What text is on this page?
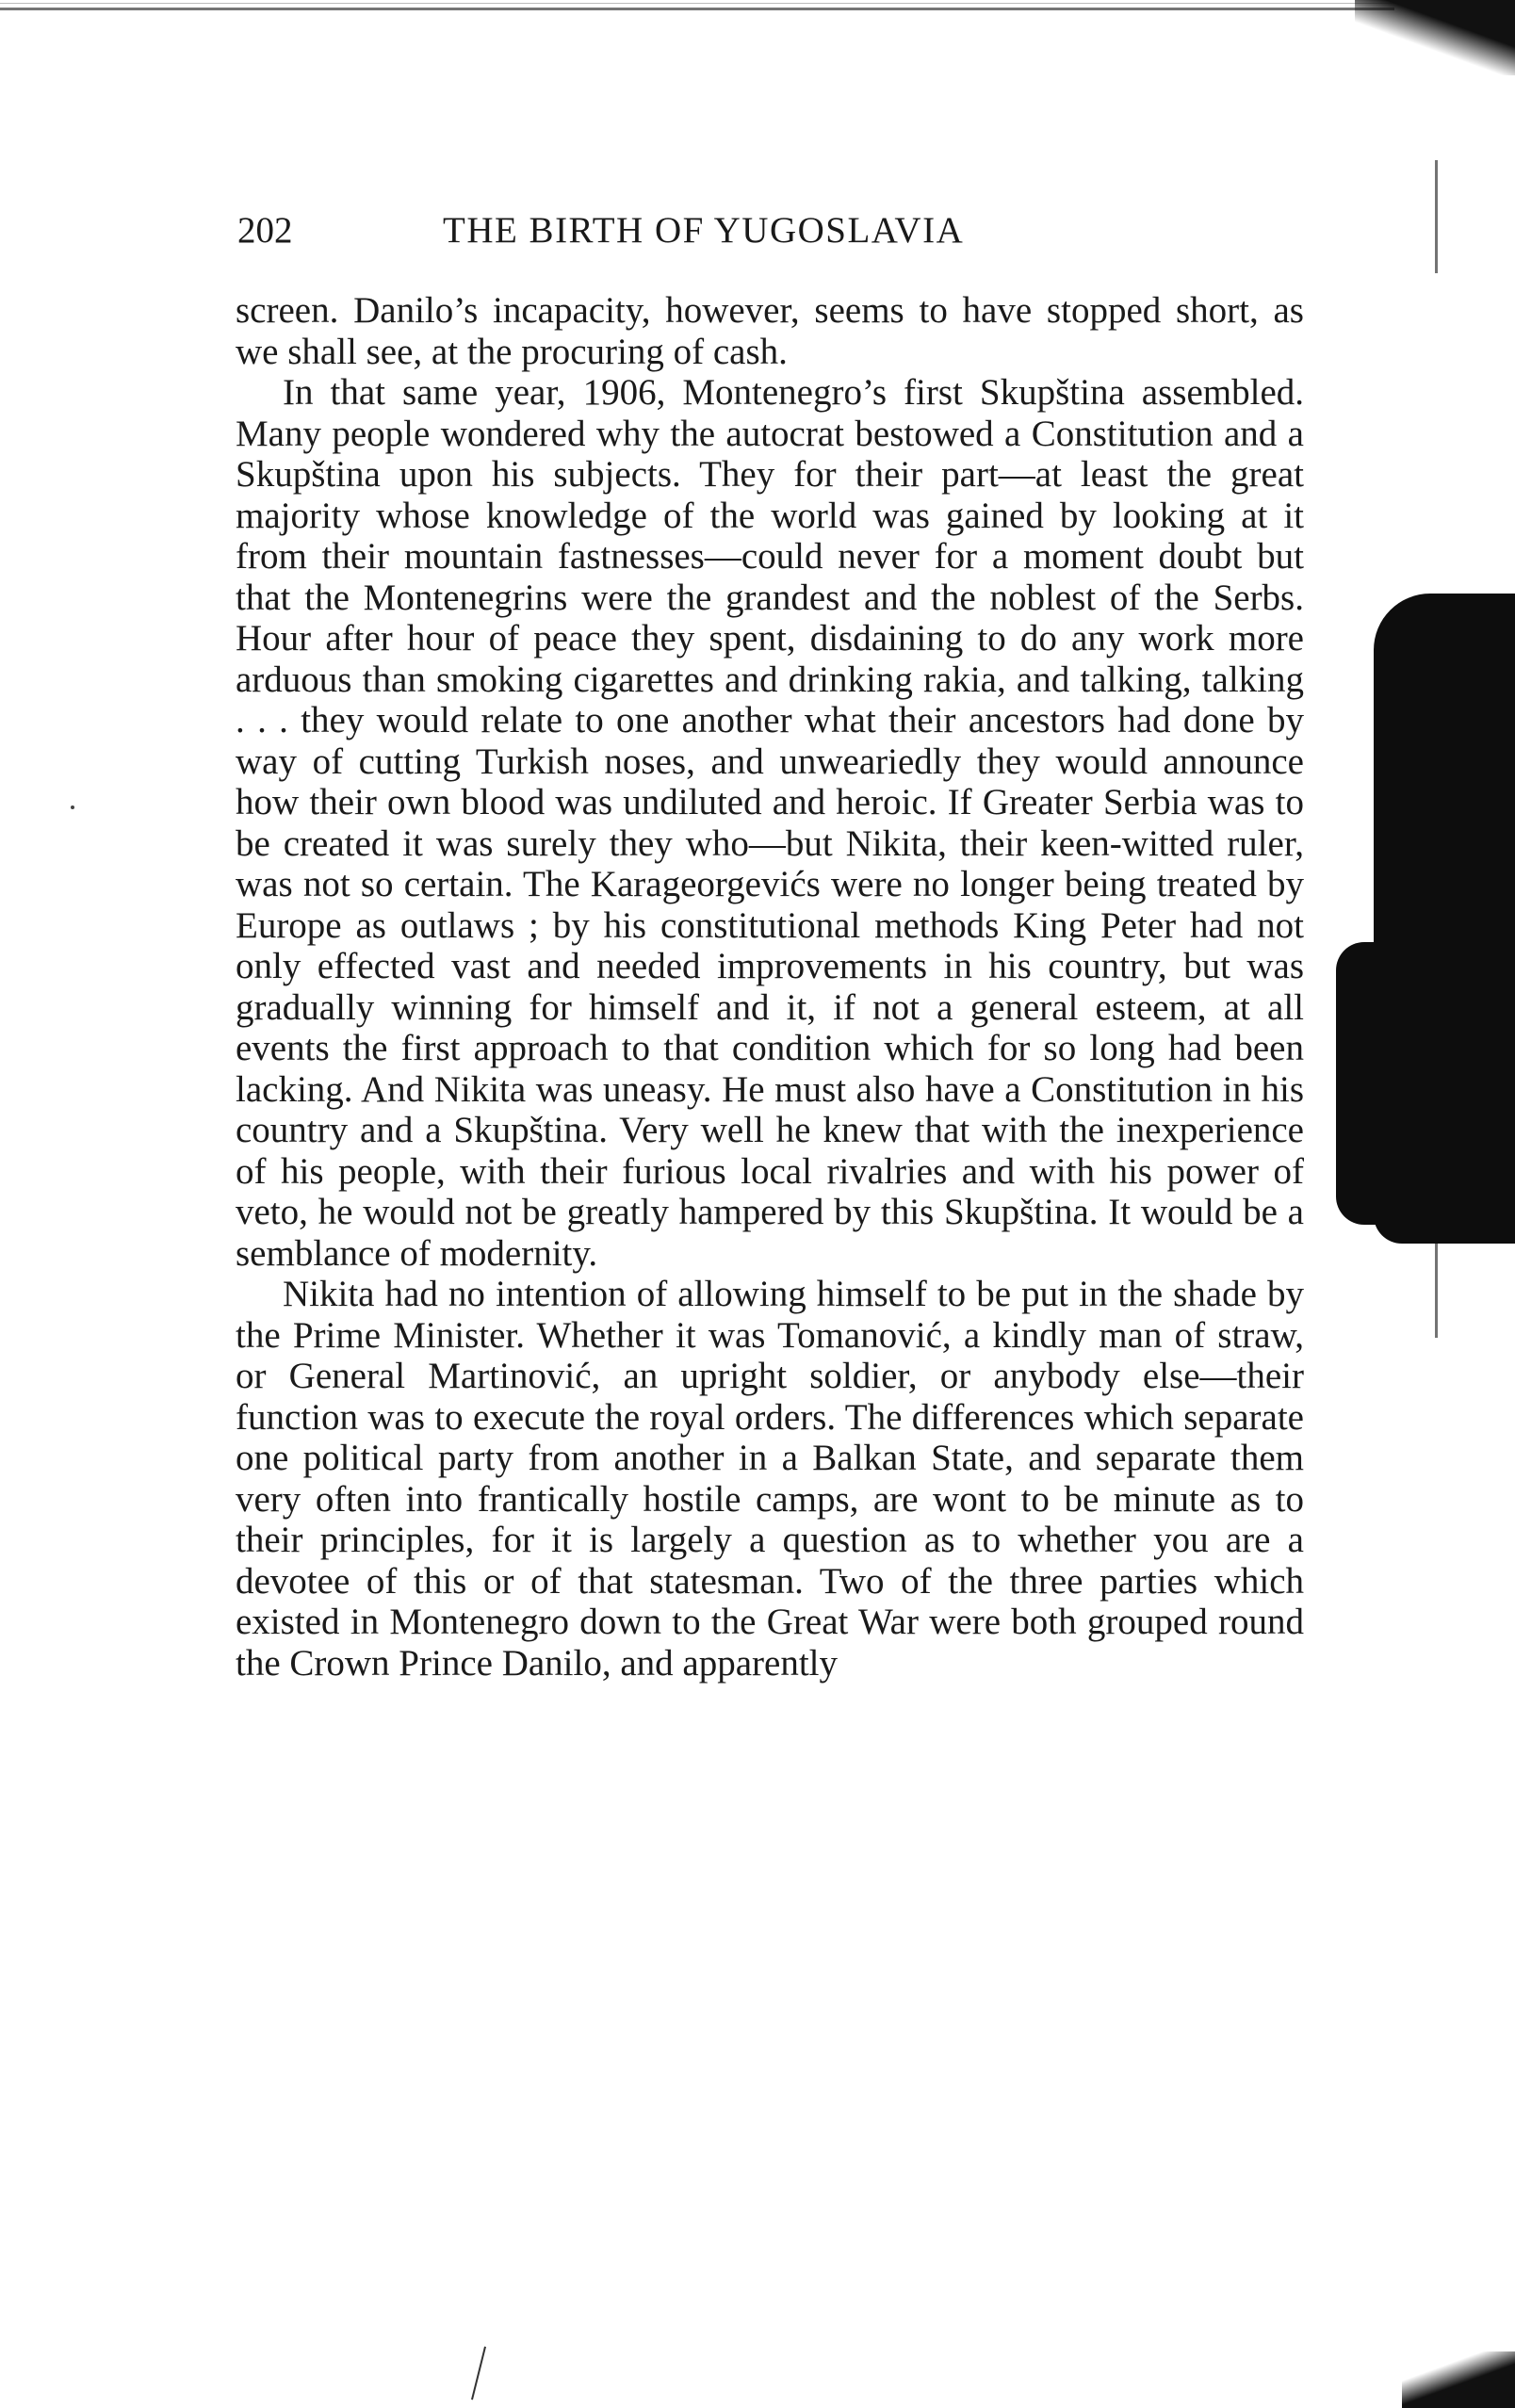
202	THE BIRTH OF YUGOSLAVIA

screen. Danilo’s incapacity, however, seems to have stopped short, as we shall see, at the procuring of cash.

In that same year, 1906, Montenegro’s first Skupština assembled. Many people wondered why the autocrat bestowed a Constitution and a Skupština upon his subjects. They for their part—at least the great majority whose knowledge of the world was gained by looking at it from their mountain fastnesses—could never for a moment doubt but that the Montenegrins were the grandest and the noblest of the Serbs. Hour after hour of peace they spent, disdaining to do any work more arduous than smoking cigarettes and drinking rakia, and talking, talking . . . they would relate to one another what their ancestors had done by way of cutting Turkish noses, and unweariedly they would announce how their own blood was undiluted and heroic. If Greater Serbia was to be created it was surely they who—but Nikita, their keen-witted ruler, was not so certain. The Karageorgevićs were no longer being treated by Europe as outlaws ; by his constitutional methods King Peter had not only effected vast and needed improvements in his country, but was gradually winning for himself and it, if not a general esteem, at all events the first approach to that condition which for so long had been lacking. And Nikita was uneasy. He must also have a Constitution in his country and a Skupština. Very well he knew that with the inexperience of his people, with their furious local rivalries and with his power of veto, he would not be greatly hampered by this Skupština. It would be a semblance of modernity.

Nikita had no intention of allowing himself to be put in the shade by the Prime Minister. Whether it was Tomanović, a kindly man of straw, or General Martinović, an upright soldier, or anybody else—their function was to execute the royal orders. The differences which separate one political party from another in a Balkan State, and separate them very often into frantically hostile camps, are wont to be minute as to their principles, for it is largely a question as to whether you are a devotee of this or of that statesman. Two of the three parties which existed in Montenegro down to the Great War were both grouped round the Crown Prince Danilo, and apparently
